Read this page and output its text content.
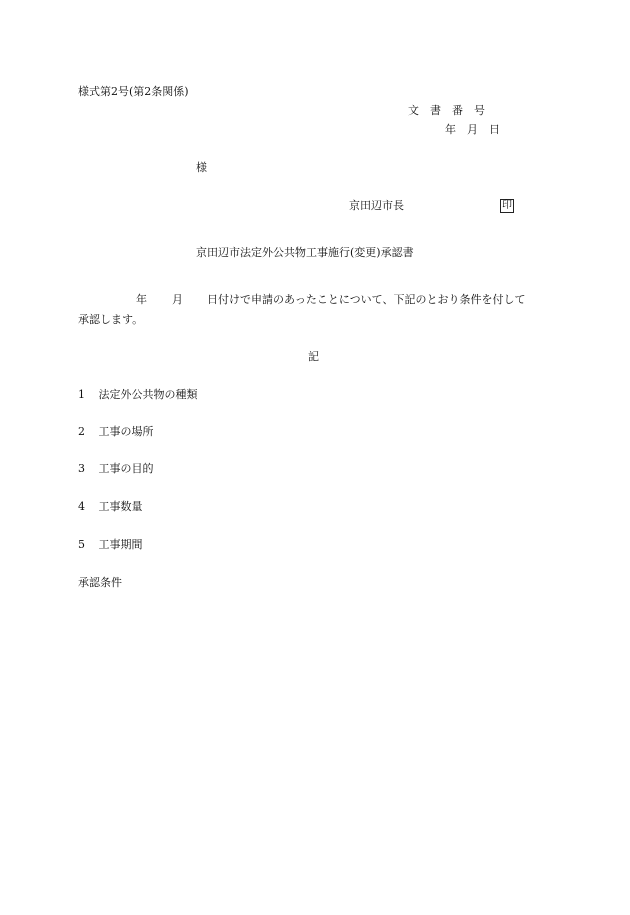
様式第2号(第2条関係)
文　書　番　号
年　月　日
様
京田辺市長	印
京田辺市法定外公共物工事施行(変更)承認書
年 月 日付けで申請のあったことについて、下記のとおり条件を付して
承認します。
記
1 法定外公共物の種類
2 工事の場所
3 工事の目的
4 工事数量
5 工事期間
承認条件
